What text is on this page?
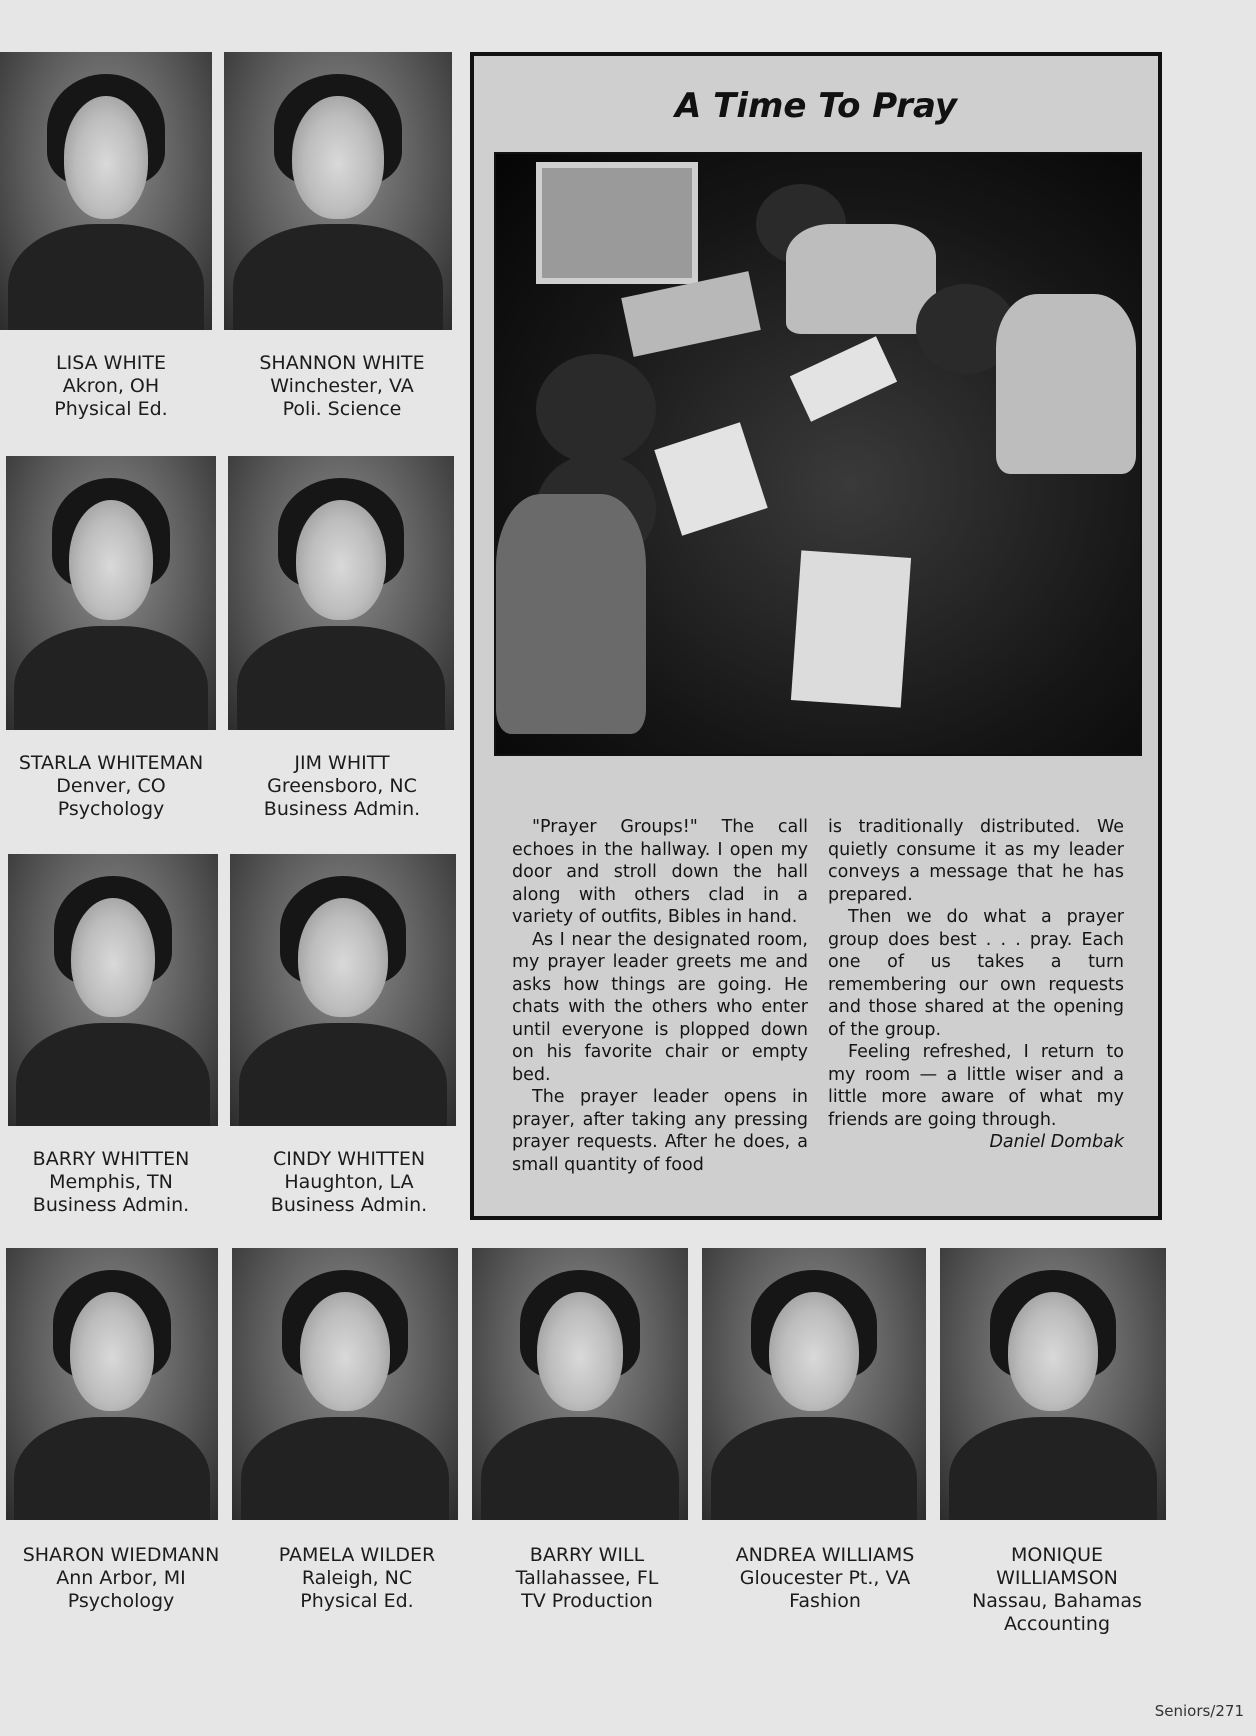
LISA WHITE
Akron, OH
Physical Ed.
SHANNON WHITE
Winchester, VA
Poli. Science
STARLA WHITEMAN
Denver, CO
Psychology
JIM WHITT
Greensboro, NC
Business Admin.
BARRY WHITTEN
Memphis, TN
Business Admin.
CINDY WHITTEN
Haughton, LA
Business Admin.
A Time To Pray

"Prayer Groups!" The call echoes in the hallway. I open my door and stroll down the hall along with others clad in a variety of outfits, Bibles in hand.

As I near the designated room, my prayer leader greets me and asks how things are going. He chats with the others who enter until everyone is plopped down on his favorite chair or empty bed.

The prayer leader opens in prayer, after taking any pressing prayer requests. After he does, a small quantity of food

is traditionally distributed. We quietly consume it as my leader conveys a message that he has prepared.

Then we do what a prayer group does best . . . pray. Each one of us takes a turn remembering our own requests and those shared at the opening of the group.

Feeling refreshed, I return to my room — a little wiser and a little more aware of what my friends are going through.

Daniel Dombak
SHARON WIEDMANN
Ann Arbor, MI
Psychology
PAMELA WILDER
Raleigh, NC
Physical Ed.
BARRY WILL
Tallahassee, FL
TV Production
ANDREA WILLIAMS
Gloucester Pt., VA
Fashion
MONIQUE
WILLIAMSON
Nassau, Bahamas
Accounting
Seniors/271
